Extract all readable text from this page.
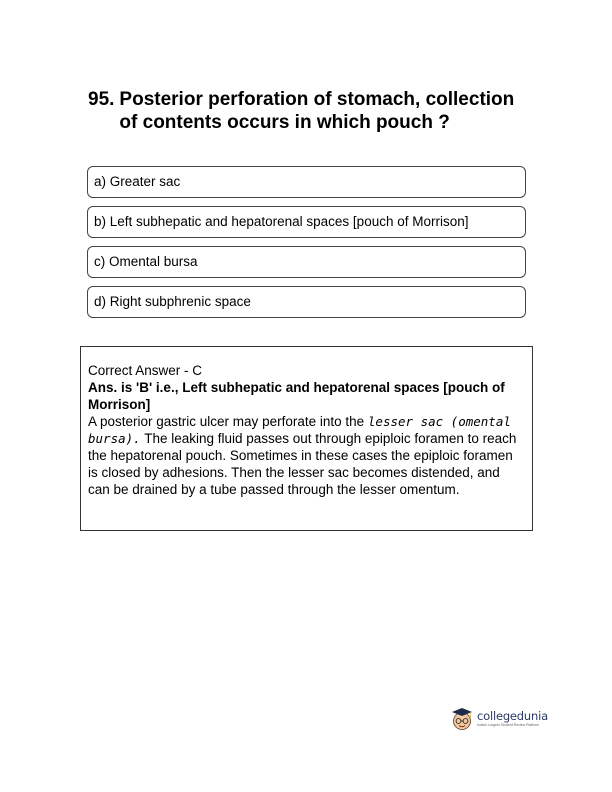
95. Posterior perforation of stomach, collection of contents occurs in which pouch ?
a) Greater sac
b) Left subhepatic and hepatorenal spaces [pouch of Morrison]
c) Omental bursa
d) Right subphrenic space
Correct Answer - C
Ans. is 'B' i.e., Left subhepatic and hepatorenal spaces [pouch of Morrison]

A posterior gastric ulcer may perforate into the lesser sac (omental bursa). The leaking fluid passes out through epiploic foramen to reach the hepatorenal pouch. Sometimes in these cases the epiploic foramen is closed by adhesions. Then the lesser sac becomes distended, and can be drained by a tube passed through the lesser omentum.

collegedunia
India's Largest Student Review Platform
